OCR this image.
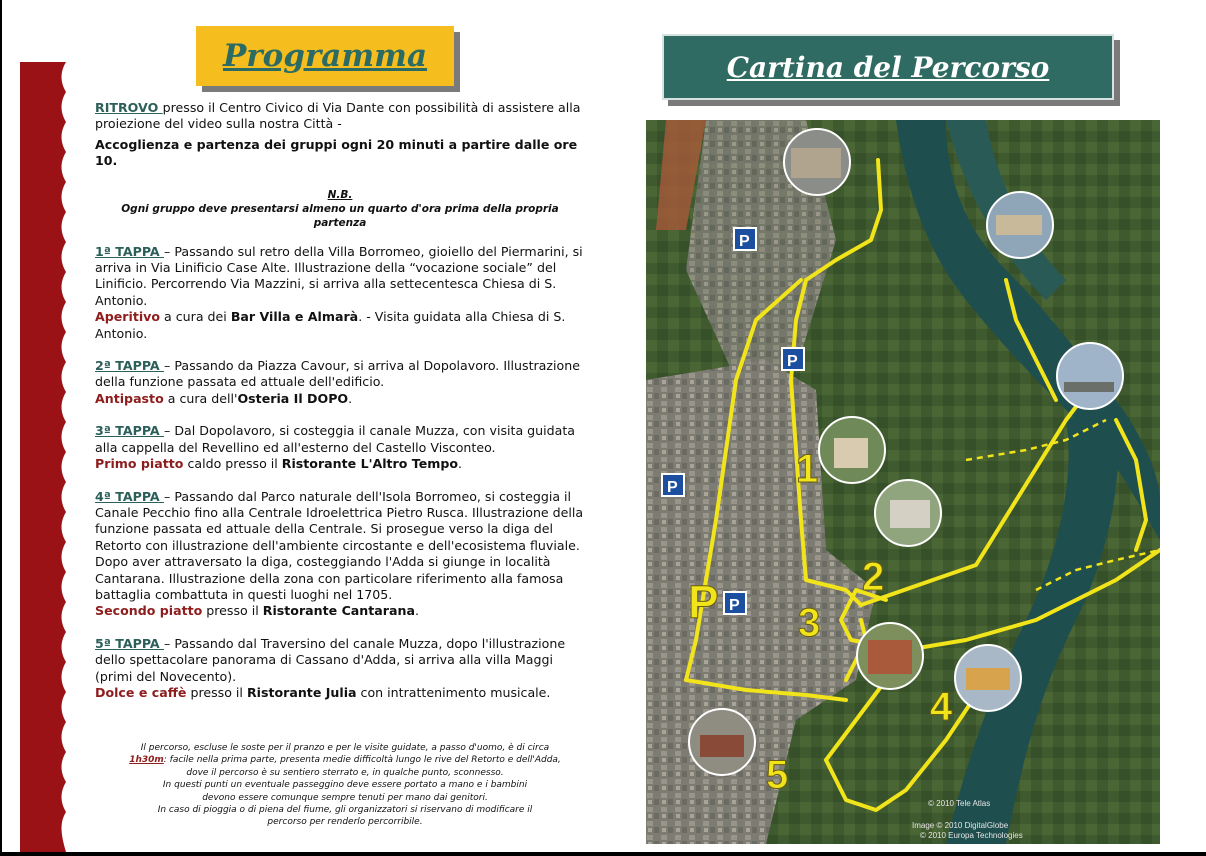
Programma	Cartina del Percorso

RITROVO presso il Centro Civico di Via Dante con possibilità di assistere alla proiezione del video sulla nostra Città -

Accoglienza e partenza dei gruppi ogni 20 minuti a partire dalle ore 10.

N.B.
Ogni gruppo deve presentarsi almeno un quarto d'ora prima della propria partenza

1ª TAPPA – Passando sul retro della Villa Borromeo, gioiello del Piermarini, si arriva in Via Linificio Case Alte. Illustrazione della “vocazione sociale” del Linificio. Percorrendo Via Mazzini, si arriva alla settecentesca Chiesa di S. Antonio.
Aperitivo a cura dei Bar Villa e Almarà. - Visita guidata alla Chiesa di S. Antonio.

2ª TAPPA – Passando da Piazza Cavour, si arriva al Dopolavoro. Illustrazione della funzione passata ed attuale dell'edificio.
Antipasto a cura dell'Osteria Il DOPO.

3ª TAPPA – Dal Dopolavoro, si costeggia il canale Muzza, con visita guidata alla cappella del Revellino ed all'esterno del Castello Visconteo.
Primo piatto caldo presso il Ristorante L'Altro Tempo.

4ª TAPPA – Passando dal Parco naturale dell'Isola Borromeo, si costeggia il Canale Pecchio fino alla Centrale Idroelettrica Pietro Rusca. Illustrazione della funzione passata ed attuale della Centrale. Si prosegue verso la diga del Retorto con illustrazione dell'ambiente circostante e dell'ecosistema fluviale. Dopo aver attraversato la diga, costeggiando l'Adda si giunge in località Cantarana. Illustrazione della zona con particolare riferimento alla famosa battaglia combattuta in questi luoghi nel 1705.
Secondo piatto presso il Ristorante Cantarana.

5ª TAPPA – Passando dal Traversino del canale Muzza, dopo l'illustrazione dello spettacolare panorama di Cassano d'Adda, si arriva alla villa Maggi (primi del Novecento).
Dolce e caffè presso il Ristorante Julia con intrattenimento musicale.

Il percorso, escluse le soste per il pranzo e per le visite guidate, a passo d'uomo, è di circa
1h30m: facile nella prima parte, presenta medie difficoltà lungo le rive del Retorto e dell'Adda,
dove il percorso è su sentiero sterrato e, in qualche punto, sconnesso.
In questi punti un eventuale passeggino deve essere portato a mano e i bambini
devono essere comunque sempre tenuti per mano dai genitori.
In caso di pioggia o di piena del fiume, gli organizzatori si riservano di modificare il
percorso per renderlo percorribile.
1
2
3
4
5
P
P
P
P
P
© 2010 Tele Atlas
Image © 2010 DigitalGlobe
© 2010 Europa Technologies
